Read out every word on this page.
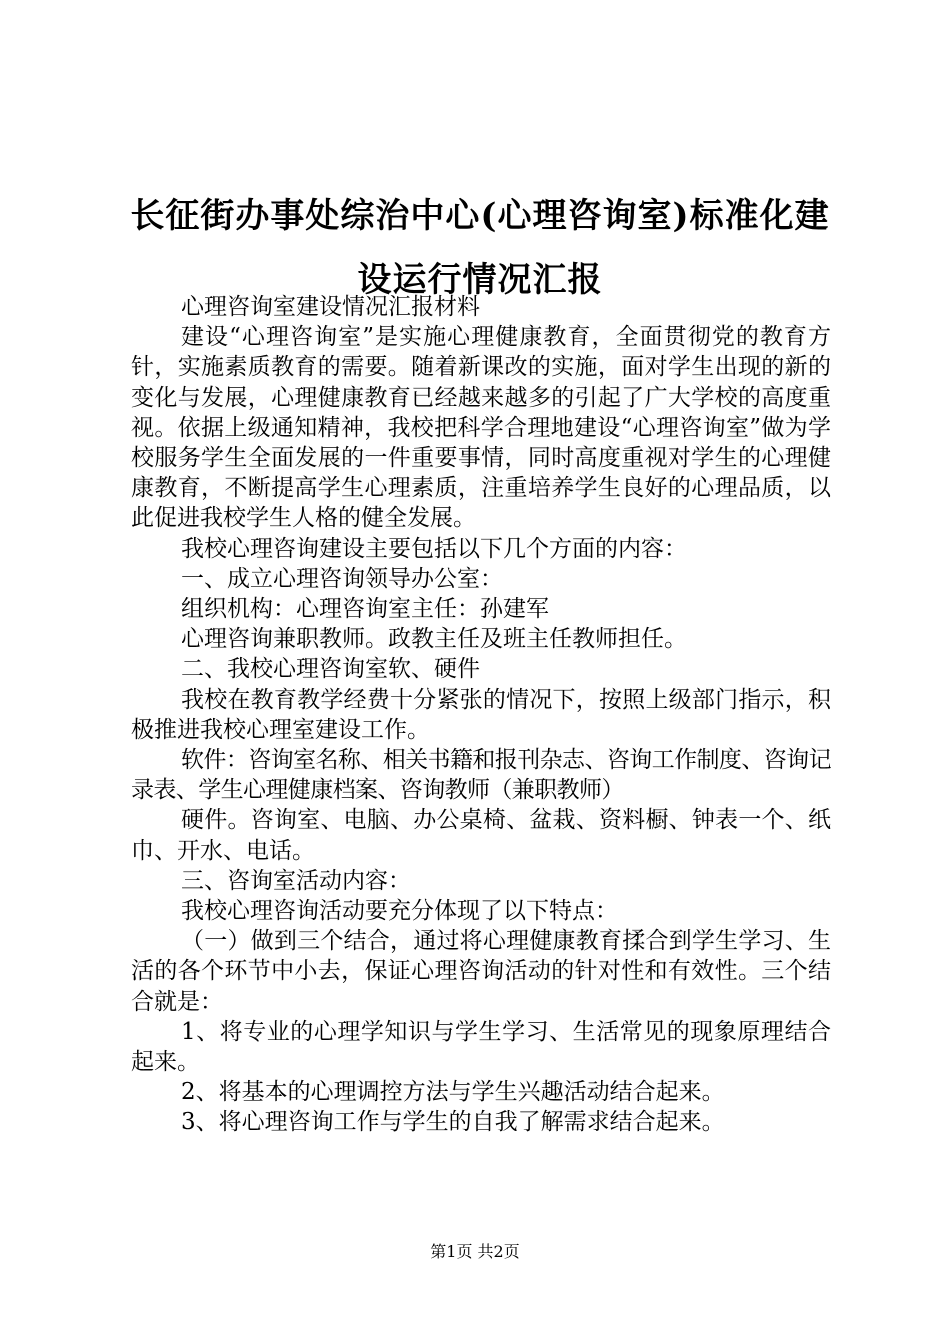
长征街办事处综治中心(心理咨询室)标准化建
设运行情况汇报

心理咨询室建设情况汇报材料

建设“心理咨询室”是实施心理健康教育，全面贯彻党的教育方针，实施素质教育的需要。随着新课改的实施，面对学生出现的新的变化与发展，心理健康教育已经越来越多的引起了广大学校的高度重视。依据上级通知精神，我校把科学合理地建设“心理咨询室”做为学校服务学生全面发展的一件重要事情，同时高度重视对学生的心理健康教育，不断提高学生心理素质，注重培养学生良好的心理品质，以此促进我校学生人格的健全发展。

我校心理咨询建设主要包括以下几个方面的内容：

一、成立心理咨询领导办公室：

组织机构：心理咨询室主任：孙建军

心理咨询兼职教师。政教主任及班主任教师担任。

二、我校心理咨询室软、硬件

我校在教育教学经费十分紧张的情况下，按照上级部门指示，积极推进我校心理室建设工作。

软件：咨询室名称、相关书籍和报刊杂志、咨询工作制度、咨询记录表、学生心理健康档案、咨询教师（兼职教师）

硬件。咨询室、电脑、办公桌椅、盆栽、资料橱、钟表一个、纸巾、开水、电话。

三、咨询室活动内容：

我校心理咨询活动要充分体现了以下特点：

（一）做到三个结合，通过将心理健康教育揉合到学生学习、生活的各个环节中小去，保证心理咨询活动的针对性和有效性。三个结合就是：

1、将专业的心理学知识与学生学习、生活常见的现象原理结合起来。

2、将基本的心理调控方法与学生兴趣活动结合起来。

3、将心理咨询工作与学生的自我了解需求结合起来。

第1页 共2页
